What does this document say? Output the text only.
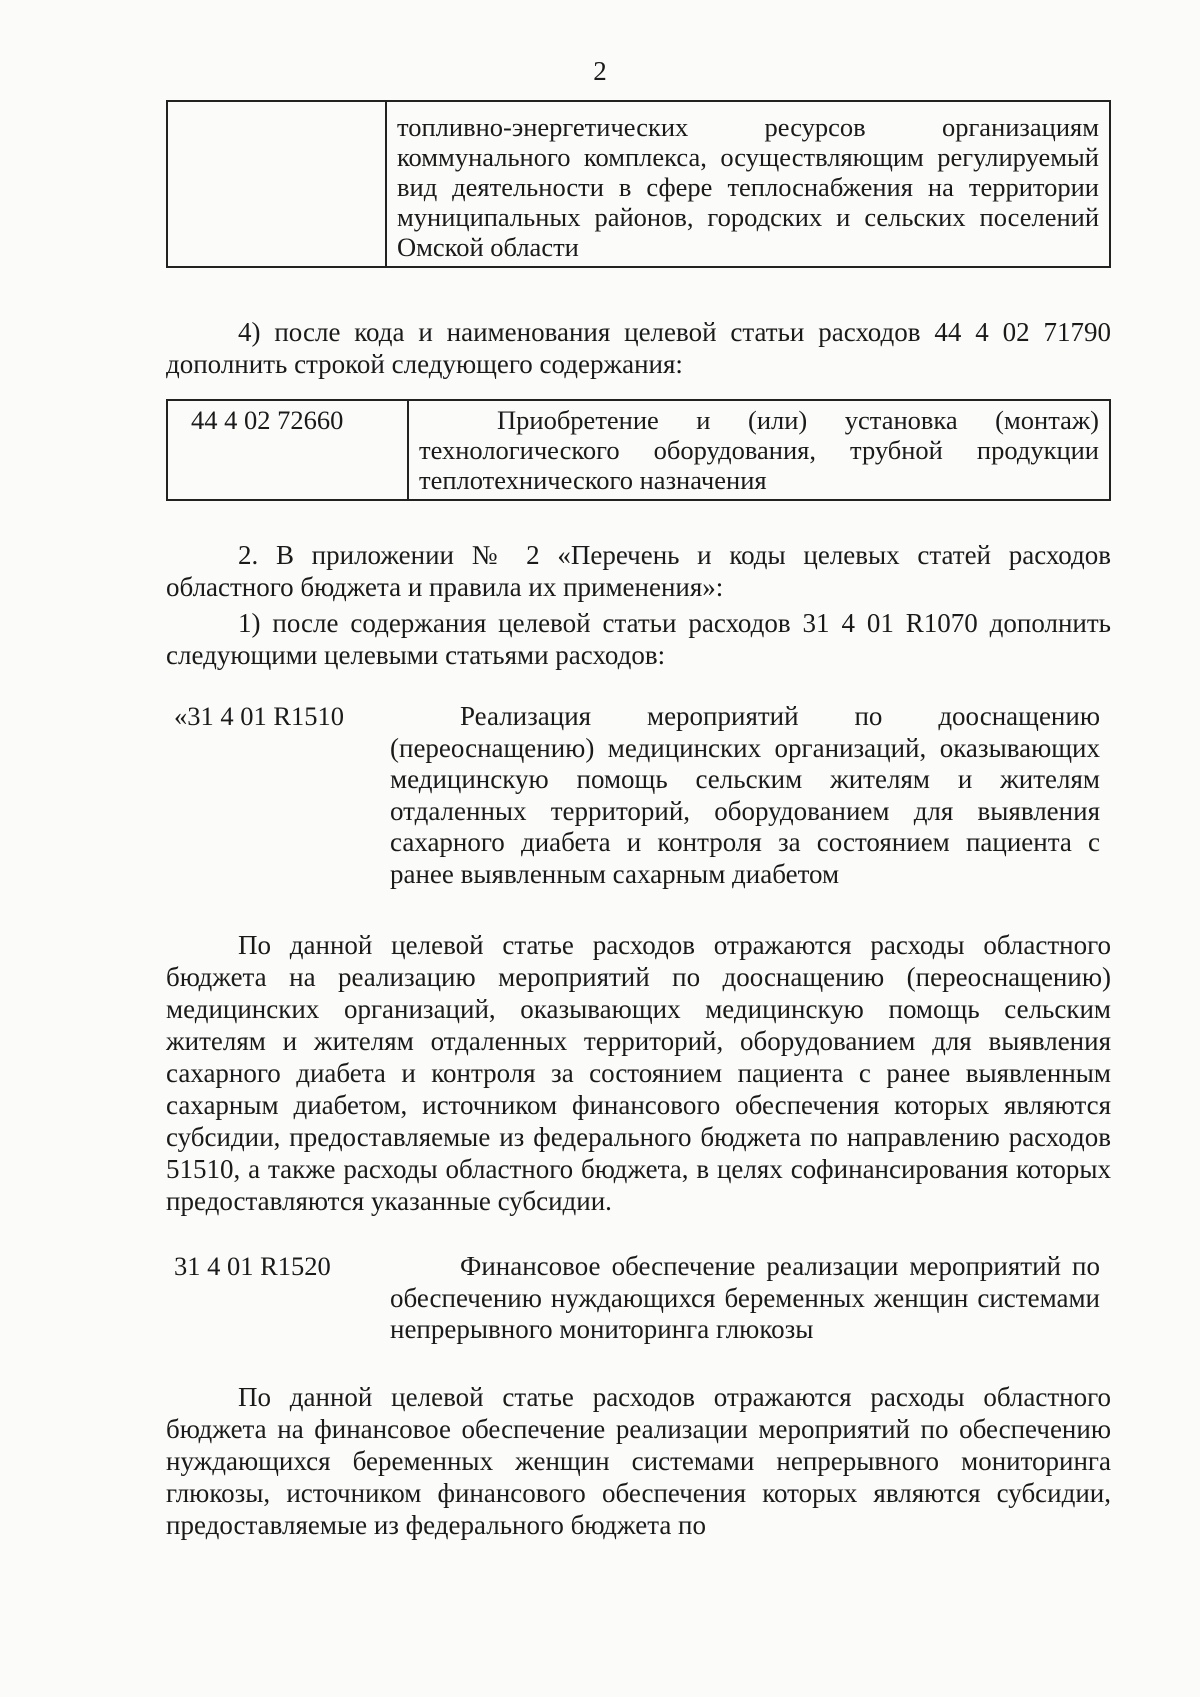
2
	топливно-энергетических ресурсов организациям коммунального комплекса, осуществляющим регулируемый вид деятельности в сфере теплоснабжения на территории муниципальных районов, городских и сельских поселений Омской области

4) после кода и наименования целевой статьи расходов 44 4 02 71790 дополнить строкой следующего содержания:

44 4 02 72660	Приобретение и (или) установка (монтаж) технологического оборудования, трубной продукции теплотехнического назначения

2. В приложении № 2 «Перечень и коды целевых статей расходов областного бюджета и правила их применения»:

1) после содержания целевой статьи расходов 31 4 01 R1070 дополнить следующими целевыми статьями расходов:

«31 4 01 R1510	Реализация мероприятий по дооснащению (переоснащению) медицинских организаций, оказывающих медицинскую помощь сельским жителям и жителям отдаленных территорий, оборудованием для выявления сахарного диабета и контроля за состоянием пациента с ранее выявленным сахарным диабетом

По данной целевой статье расходов отражаются расходы областного бюджета на реализацию мероприятий по дооснащению (переоснащению) медицинских организаций, оказывающих медицинскую помощь сельским жителям и жителям отдаленных территорий, оборудованием для выявления сахарного диабета и контроля за состоянием пациента с ранее выявленным сахарным диабетом, источником финансового обеспечения которых являются субсидии, предоставляемые из федерального бюджета по направлению расходов 51510, а также расходы областного бюджета, в целях софинансирования которых предоставляются указанные субсидии.

31 4 01 R1520	Финансовое обеспечение реализации мероприятий по обеспечению нуждающихся беременных женщин системами непрерывного мониторинга глюкозы

По данной целевой статье расходов отражаются расходы областного бюджета на финансовое обеспечение реализации мероприятий по обеспечению нуждающихся беременных женщин системами непрерывного мониторинга глюкозы, источником финансового обеспечения которых являются субсидии, предоставляемые из федерального бюджета по
